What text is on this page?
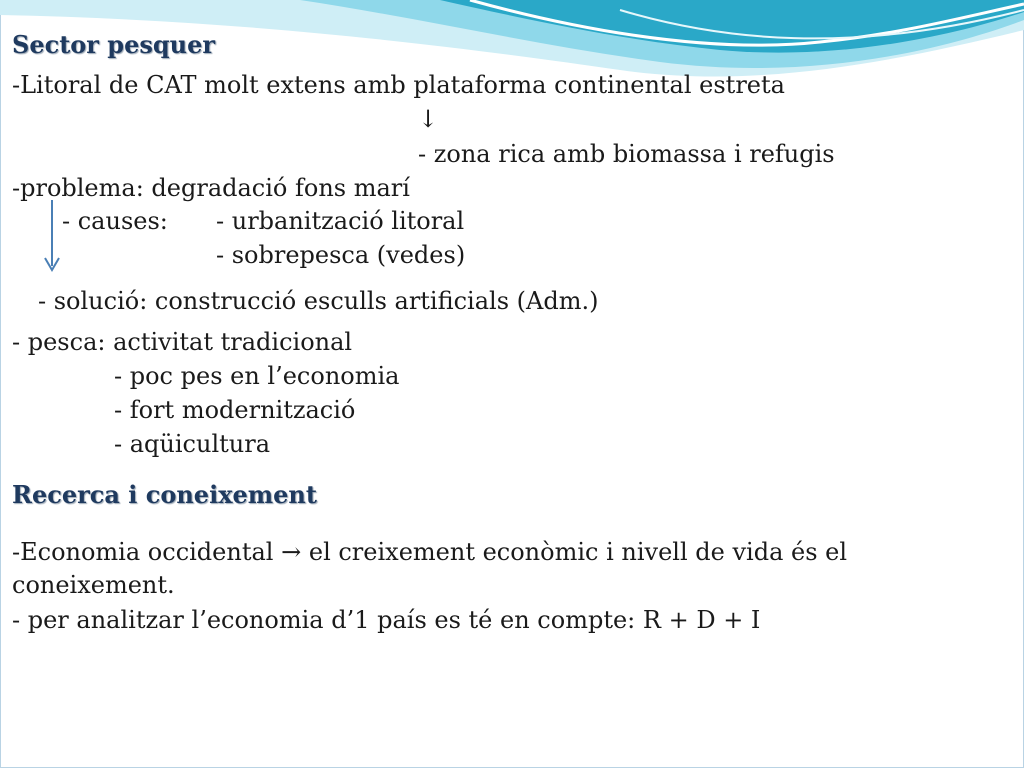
Sector pesquer
-Litoral de CAT molt extens amb plataforma continental estreta
↓
- zona rica amb biomassa i refugis
-problema: degradació fons marí
- causes: - urbanització litoral
- sobrepesca (vedes)
- solució: construcció esculls artificials (Adm.)
- pesca: activitat tradicional
- poc pes en l’economia
- fort modernització
- aqüicultura
Recerca i coneixement
-Economia occidental → el creixement econòmic i nivell de vida és el
coneixement.
- per analitzar l’economia d’1 país es té en compte: R + D + I
